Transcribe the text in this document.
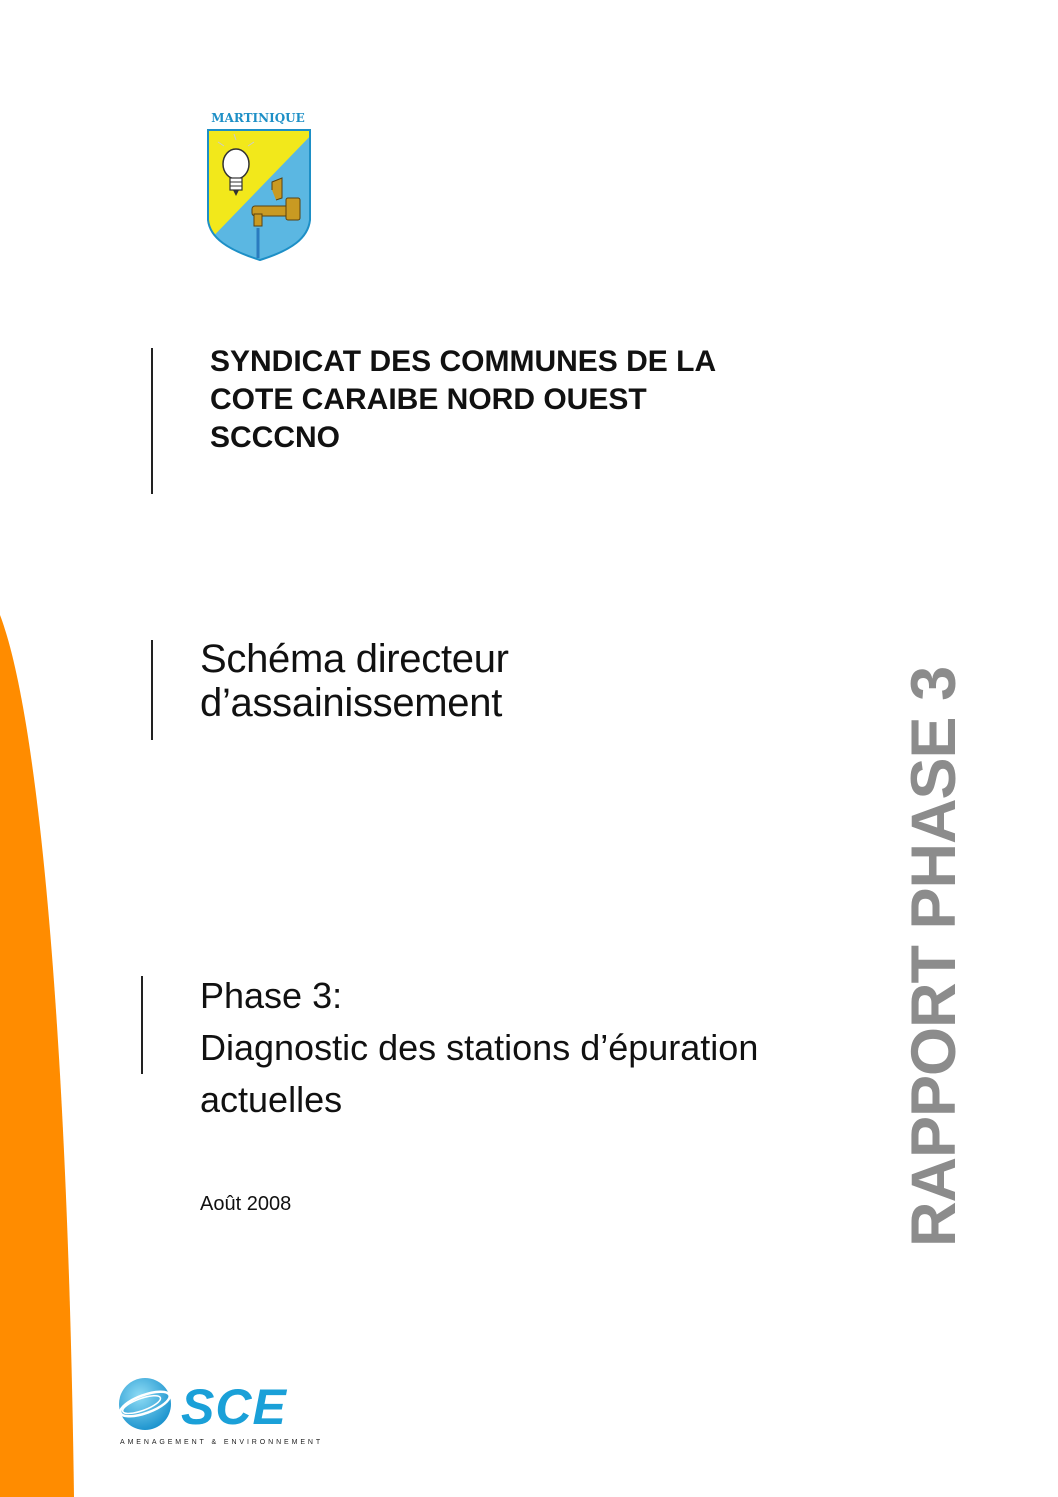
MARTINIQUE
SYNDICAT DES COMMUNES DE LA
COTE CARAIBE NORD OUEST
SCCCNO
Schéma directeur
d’assainissement
Phase 3:
Diagnostic des stations d’épuration
actuelles
Août 2008	RAPPORT PHASE 3
SCE
AMENAGEMENT & ENVIRONNEMENT
